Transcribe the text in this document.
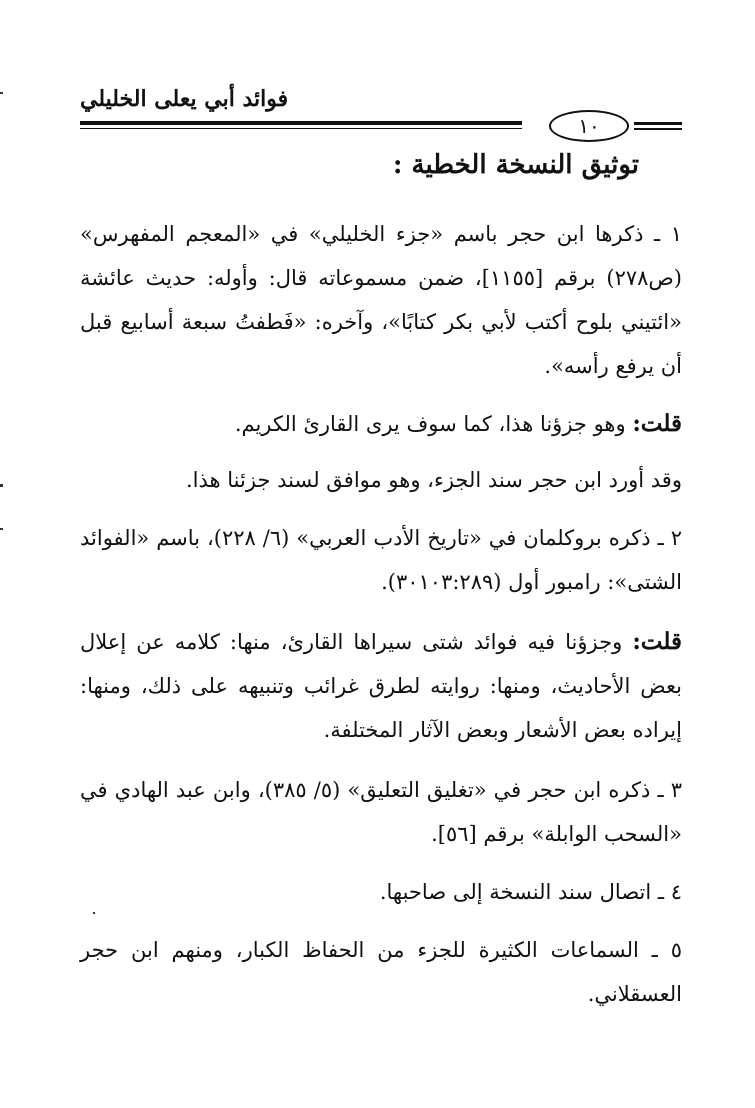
فوائد أبي يعلى الخليلي
١٠
توثيق النسخة الخطية :
١ ـ ذكرها ابن حجر باسم «جزء الخليلي» في «المعجم المفهرس» (ص٢٧٨) برقم [١١٥٥]، ضمن مسموعاته قال: وأوله: حديث عائشة «ائتيني بلوح أكتب لأبي بكر كتابًا»، وآخره: «فَطفتُ سبعة أسابيع قبل أن يرفع رأسه».
قلت: وهو جزؤنا هذا، كما سوف يرى القارئ الكريم.
وقد أورد ابن حجر سند الجزء، وهو موافق لسند جزئنا هذا.
٢ ـ ذكره بروكلمان في «تاريخ الأدب العربي» (٦/ ٢٢٨)، باسم «الفوائد الشتى»: رامبور أول (٣٠١٠٣:٢٨٩).
قلت: وجزؤنا فيه فوائد شتى سيراها القارئ، منها: كلامه عن إعلال بعض الأحاديث، ومنها: روايته لطرق غرائب وتنبيهه على ذلك، ومنها: إيراده بعض الأشعار وبعض الآثار المختلفة.
٣ ـ ذكره ابن حجر في «تغليق التعليق» (٥/ ٣٨٥)، وابن عبد الهادي في «السحب الوابلة» برقم [٥٦].
٤ ـ اتصال سند النسخة إلى صاحبها.
٥ ـ السماعات الكثيرة للجزء من الحفاظ الكبار، ومنهم ابن حجر العسقلاني.
